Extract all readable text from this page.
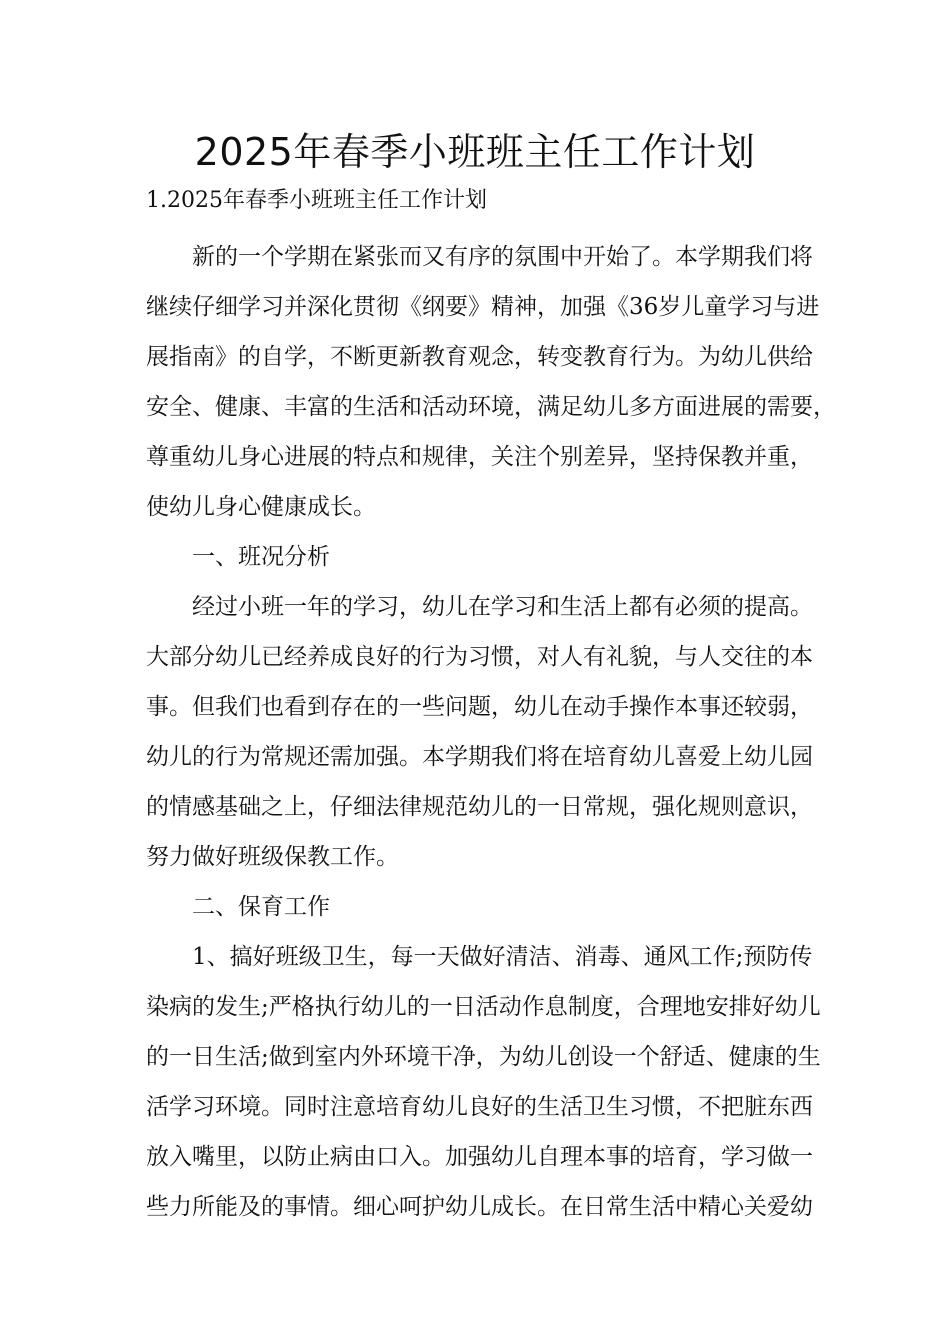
2025年春季小班班主任工作计划
1.2025年春季小班班主任工作计划
新的一个学期在紧张而又有序的氛围中开始了。本学期我们将
继续仔细学习并深化贯彻《纲要》精神，加强《36岁儿童学习与进
展指南》的自学，不断更新教育观念，转变教育行为。为幼儿供给
安全、健康、丰富的生活和活动环境，满足幼儿多方面进展的需要，
尊重幼儿身心进展的特点和规律，关注个别差异，坚持保教并重，
使幼儿身心健康成长。
一、班况分析
经过小班一年的学习，幼儿在学习和生活上都有必须的提高。
大部分幼儿已经养成良好的行为习惯，对人有礼貌，与人交往的本
事。但我们也看到存在的一些问题，幼儿在动手操作本事还较弱，
幼儿的行为常规还需加强。本学期我们将在培育幼儿喜爱上幼儿园
的情感基础之上，仔细法律规范幼儿的一日常规，强化规则意识，
努力做好班级保教工作。
二、保育工作
1、搞好班级卫生，每一天做好清洁、消毒、通风工作;预防传
染病的发生;严格执行幼儿的一日活动作息制度，合理地安排好幼儿
的一日生活;做到室内外环境干净，为幼儿创设一个舒适、健康的生
活学习环境。同时注意培育幼儿良好的生活卫生习惯，不把脏东西
放入嘴里，以防止病由口入。加强幼儿自理本事的培育，学习做一
些力所能及的事情。细心呵护幼儿成长。在日常生活中精心关爱幼
